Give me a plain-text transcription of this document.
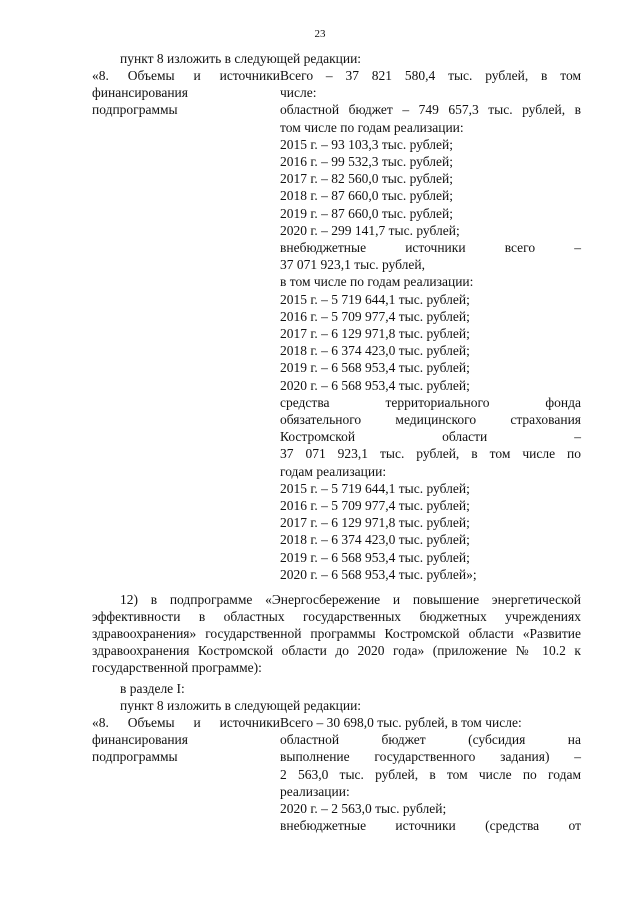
23
пункт 8 изложить в следующей редакции:
«8. Объемы и источники
финансирования
подпрограммы
Всего – 37 821 580,4 тыс. рублей, в том
числе:
областной бюджет – 749 657,3 тыс. рублей, в
том числе по годам реализации:
2015 г. – 93 103,3 тыс. рублей;
2016 г. – 99 532,3 тыс. рублей;
2017 г. – 82 560,0 тыс. рублей;
2018 г. – 87 660,0 тыс. рублей;
2019 г. – 87 660,0 тыс. рублей;
2020 г. – 299 141,7 тыс. рублей;
внебюджетные источники всего –
37 071 923,1 тыс. рублей,
в том числе по годам реализации:
2015 г. – 5 719 644,1 тыс. рублей;
2016 г. – 5 709 977,4 тыс. рублей;
2017 г. – 6 129 971,8 тыс. рублей;
2018 г. – 6 374 423,0 тыс. рублей;
2019 г. – 6 568 953,4 тыс. рублей;
2020 г. – 6 568 953,4 тыс. рублей;
средства территориального фонда
обязательного медицинского страхования
Костромской области –
37 071 923,1 тыс. рублей, в том числе по
годам реализации:
2015 г. – 5 719 644,1 тыс. рублей;
2016 г. – 5 709 977,4 тыс. рублей;
2017 г. – 6 129 971,8 тыс. рублей;
2018 г. – 6 374 423,0 тыс. рублей;
2019 г. – 6 568 953,4 тыс. рублей;
2020 г. – 6 568 953,4 тыс. рублей»;
12) в подпрограмме «Энергосбережение и повышение энергетической эффективности в областных государственных бюджетных учреждениях здравоохранения» государственной программы Костромской области «Развитие здравоохранения Костромской области до 2020 года» (приложение № 10.2 к государственной программе):
в разделе I:
пункт 8 изложить в следующей редакции:
«8. Объемы и источники
финансирования
подпрограммы
Всего – 30 698,0 тыс. рублей, в том числе:
областной бюджет (субсидия на
выполнение государственного задания) –
2 563,0 тыс. рублей, в том числе по годам
реализации:
2020 г. – 2 563,0 тыс. рублей;
внебюджетные источники (средства от
